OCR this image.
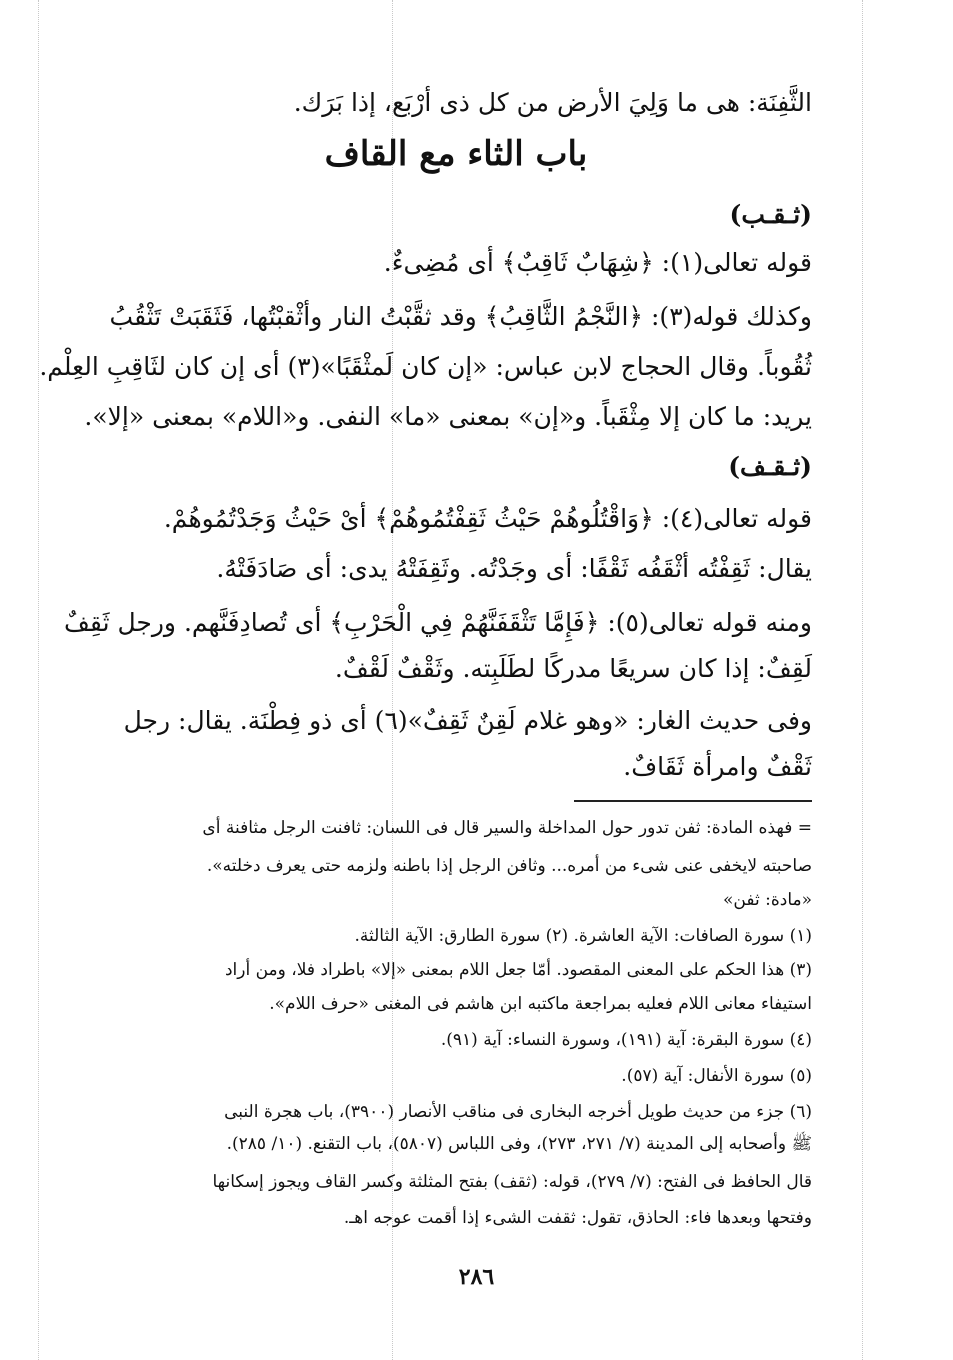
الثَّفِنَة: هى ما وَلِيَ الأرض من كل ذى أرْبَع، إذا بَرَك.
باب الثاء مع القاف
(ثـقـب)
قوله تعالى(١): ﴿شِهَابٌ ثَاقِبٌ﴾ أى مُضِىءٌ.
وكذلك قوله(٣): ﴿النَّجْمُ الثَّاقِبُ﴾ وقد ثقَّبْتُ النار وأثْقبْتُها، فَثَقَبَتْ تَثْقُبُ
ثُقُوباً. وقال الحجاج لابن عباس: «إن كان لَمثْقَبًا»(٣) أى إن كان لثَاقِبِ العِلْم.
يريد: ما كان إلا مِثْقَباً. و«إن» بمعنى «ما» النفى. و«اللام» بمعنى «إلا».
(ثـقـف)
قوله تعالى(٤): ﴿وَاقْتُلُوهُمْ حَيْثُ ثَقِفْتُمُوهُمْ﴾ أىْ حَيْثُ وَجَدْتُمُوهُمْ.
يقال: ثَقِفْتُه أثْقَفُه ثَقْفًا: أى وجَدْتُه. وثَقِفَتْهُ يدى: أى صَادَفَتْهُ.
ومنه قوله تعالى(٥): ﴿فَإِمَّا تَثْقَفَنَّهُمْ فِي الْحَرْبِ﴾ أى تُصادِفَنَّهم. ورجل ثَقِفٌ
لَقِفٌ: إذا كان سريعًا مدركًا لطَلَبِته. وثَقْفٌ لَقْفٌ.
وفى حديث الغار: «وهو غلام لَقِنٌ ثَقِفٌ»(٦) أى ذو فِطْنَة. يقال: رجل
ثَقْفٌ وامرأة ثَقَافٌ.
= فهذه المادة: ثفن تدور حول المداخلة والسير قال فى اللسان: ثافنت الرجل مثافنة أى
صاحبته لايخفى عنى شىء من أمره... وثافن الرجل إذا باطنه ولزمه حتى يعرف دخلته».
«مادة: ثفن»
(١) سورة الصافات: الآية العاشرة. (٢) سورة الطارق: الآية الثالثة.
(٣) هذا الحكم على المعنى المقصود. أمّا جعل اللام بمعنى «إلا» باطراد فلا، ومن أراد
استيفاء معانى اللام فعليه بمراجعة ماكتبه ابن هاشم فى المغنى «حرف اللام».
(٤) سورة البقرة: آية (١٩١)، وسورة النساء: آية (٩١).
(٥) سورة الأنفال: آية (٥٧).
(٦) جزء من حديث طويل أخرجه البخارى فى مناقب الأنصار (٣٩٠٠)، باب هجرة النبى
ﷺ وأصحابه إلى المدينة (٧/ ٢٧١، ٢٧٣)، وفى اللباس (٥٨٠٧)، باب التقنع. (١٠/ ٢٨٥).
قال الحافظ فى الفتح: (٧/ ٢٧٩)، قوله: (ثقف) بفتح المثلثة وكسر القاف ويجوز إسكانها
وفتحها وبعدها فاء: الحاذق، تقول: ثقفت الشىء إذا أقمت عوجه اهـ.
٢٨٦
